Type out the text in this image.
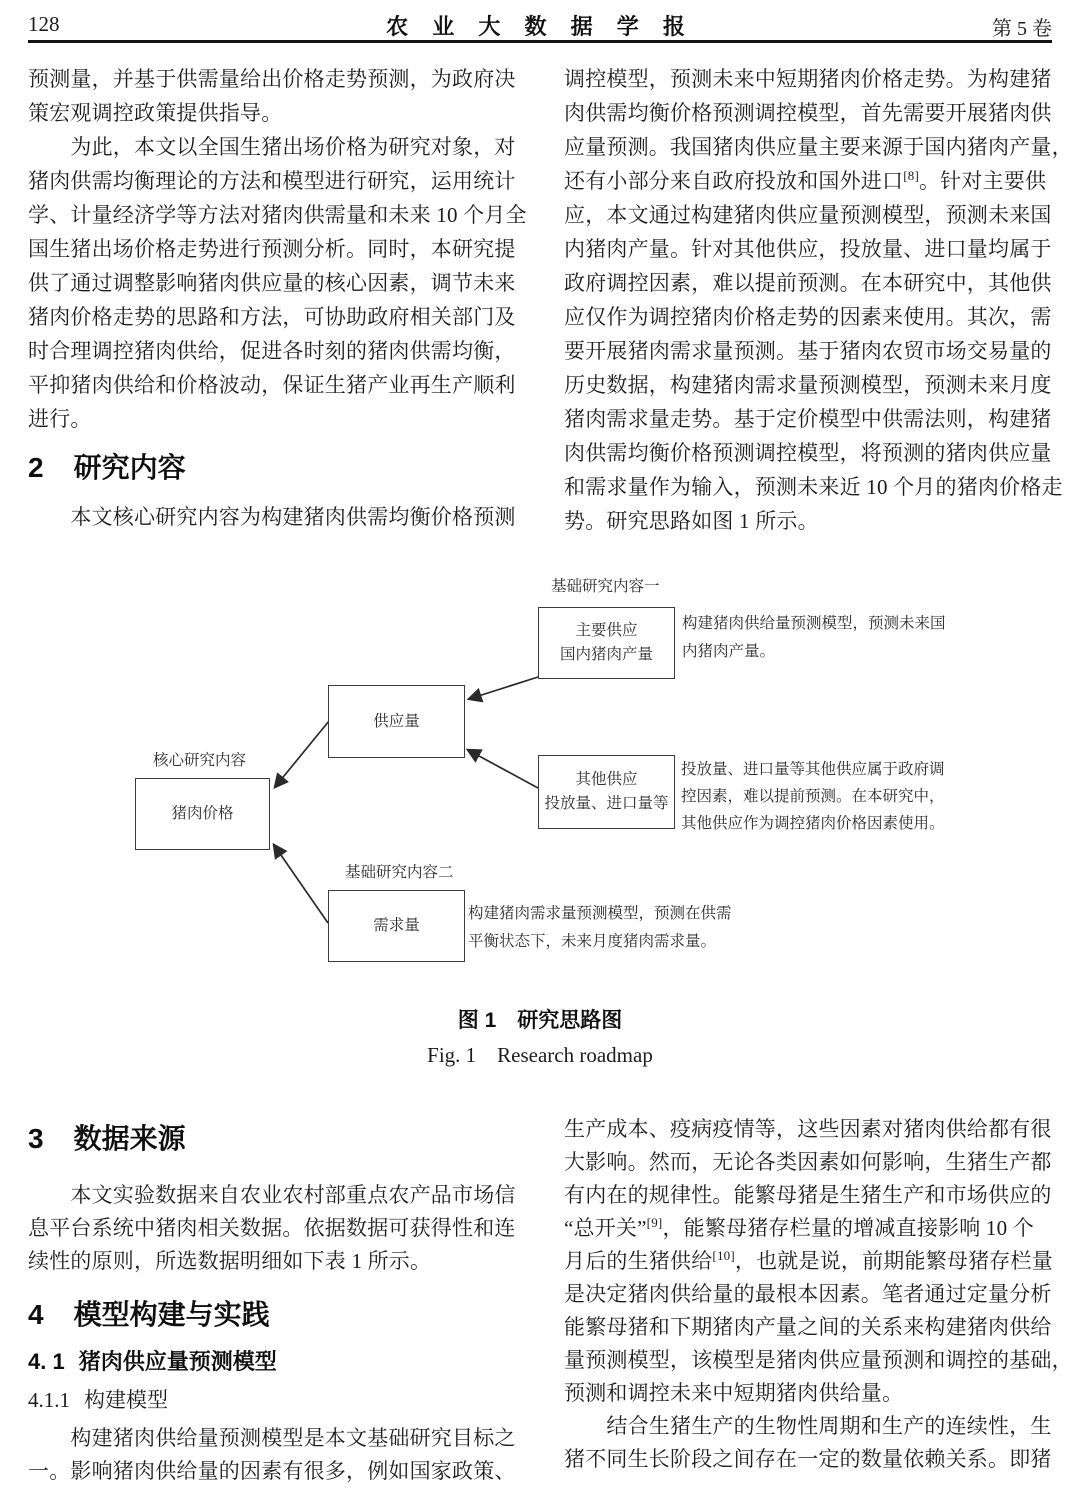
128	农 业 大 数 据 学 报	第 5 卷
预测量，并基于供需量给出价格走势预测，为政府决
策宏观调控政策提供指导。
　　为此，本文以全国生猪出场价格为研究对象，对
猪肉供需均衡理论的方法和模型进行研究，运用统计
学、计量经济学等方法对猪肉供需量和未来 10 个月全
国生猪出场价格走势进行预测分析。同时，本研究提
供了通过调整影响猪肉供应量的核心因素，调节未来
猪肉价格走势的思路和方法，可协助政府相关部门及
时合理调控猪肉供给，促进各时刻的猪肉供需均衡，
平抑猪肉供给和价格波动，保证生猪产业再生产顺利
进行。
2 研究内容
　　本文核心研究内容为构建猪肉供需均衡价格预测
调控模型，预测未来中短期猪肉价格走势。为构建猪
肉供需均衡价格预测调控模型，首先需要开展猪肉供
应量预测。我国猪肉供应量主要来源于国内猪肉产量，
还有小部分来自政府投放和国外进口[8]。针对主要供
应，本文通过构建猪肉供应量预测模型，预测未来国
内猪肉产量。针对其他供应，投放量、进口量均属于
政府调控因素，难以提前预测。在本研究中，其他供
应仅作为调控猪肉价格走势的因素来使用。其次，需
要开展猪肉需求量预测。基于猪肉农贸市场交易量的
历史数据，构建猪肉需求量预测模型，预测未来月度
猪肉需求量走势。基于定价模型中供需法则，构建猪
肉供需均衡价格预测调控模型，将预测的猪肉供应量
和需求量作为输入，预测未来近 10 个月的猪肉价格走
势。研究思路如图 1 所示。
基础研究内容一
主要供应
国内猪肉产量
构建猪肉供给量预测模型，预测未来国
内猪肉产量。
供应量
核心研究内容
猪肉价格
其他供应
投放量、进口量等
投放量、进口量等其他供应属于政府调
控因素，难以提前预测。在本研究中，
其他供应作为调控猪肉价格因素使用。
基础研究内容二
需求量
构建猪肉需求量预测模型，预测在供需
平衡状态下，未来月度猪肉需求量。
图 1　研究思路图
Fig. 1　Research roadmap
3 数据来源
　　本文实验数据来自农业农村部重点农产品市场信
息平台系统中猪肉相关数据。依据数据可获得性和连
续性的原则，所选数据明细如下表 1 所示。
4 模型构建与实践
4. 1 猪肉供应量预测模型
4.1.1 构建模型
　　构建猪肉供给量预测模型是本文基础研究目标之
一。影响猪肉供给量的因素有很多，例如国家政策、
生产成本、疫病疫情等，这些因素对猪肉供给都有很
大影响。然而，无论各类因素如何影响，生猪生产都
有内在的规律性。能繁母猪是生猪生产和市场供应的
“总开关”[9]，能繁母猪存栏量的增减直接影响 10 个
月后的生猪供给[10]，也就是说，前期能繁母猪存栏量
是决定猪肉供给量的最根本因素。笔者通过定量分析
能繁母猪和下期猪肉产量之间的关系来构建猪肉供给
量预测模型，该模型是猪肉供应量预测和调控的基础，
预测和调控未来中短期猪肉供给量。
　　结合生猪生产的生物性周期和生产的连续性，生
猪不同生长阶段之间存在一定的数量依赖关系。即猪
